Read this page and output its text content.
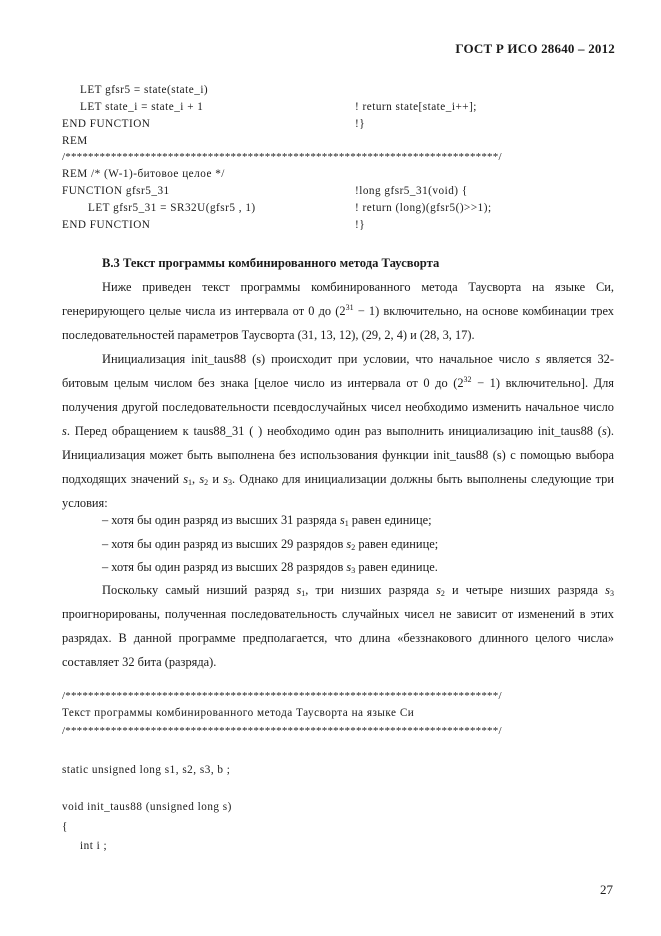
ГОСТ Р ИСО 28640 – 2012
LET gfsr5 = state(state_i)
LET state_i = state_i + 1	! return state[state_i++];
END FUNCTION	!}
REM
/****************************************************************************/
REM /* (W-1)-битовое целое */
FUNCTION gfsr5_31	!long gfsr5_31(void) {
LET gfsr5_31 = SR32U(gfsr5 , 1)	! return (long)(gfsr5()>>1);
END FUNCTION	!}
В.3 Текст программы комбинированного метода Таусворта
Ниже приведен текст программы комбинированного метода Таусворта на языке Си, генерирующего целые числа из интервала от 0 до $(2^{31} - 1)$ включительно, на основе комбинации трех последовательностей параметров Таусворта (31, 13, 12), (29, 2, 4) и (28, 3, 17).
Инициализация init_taus88 (s) происходит при условии, что начальное число s является 32-битовым целым числом без знака [целое число из интервала от 0 до $(2^{32} - 1)$ включительно]. Для получения другой последовательности псевдослучайных чисел необходимо изменить начальное число s. Перед обращением к taus88_31 ( ) необходимо один раз выполнить инициализацию init_taus88 (s). Инициализация может быть выполнена без использования функции init_taus88 (s) с помощью выбора подходящих значений $s_1$, $s_2$ и $s_3$. Однако для инициализации должны быть выполнены следующие три условия:
– хотя бы один разряд из высших 31 разряда $s_1$ равен единице;
– хотя бы один разряд из высших 29 разрядов $s_2$ равен единице;
– хотя бы один разряд из высших 28 разрядов $s_3$ равен единице.
Поскольку самый низший разряд $s_1$, три низших разряда $s_2$ и четыре низших разряда $s_3$ проигнорированы, полученная последовательность случайных чисел не зависит от изменений в этих разрядах. В данной программе предполагается, что длина «беззнакового длинного целого числа» составляет 32 бита (разряда).
/****************************************************************************/
Текст программы комбинированного метода Таусворта на языке Си
/****************************************************************************/
static unsigned long s1, s2, s3, b ;
void init_taus88 (unsigned long s)
{
int i ;
27
